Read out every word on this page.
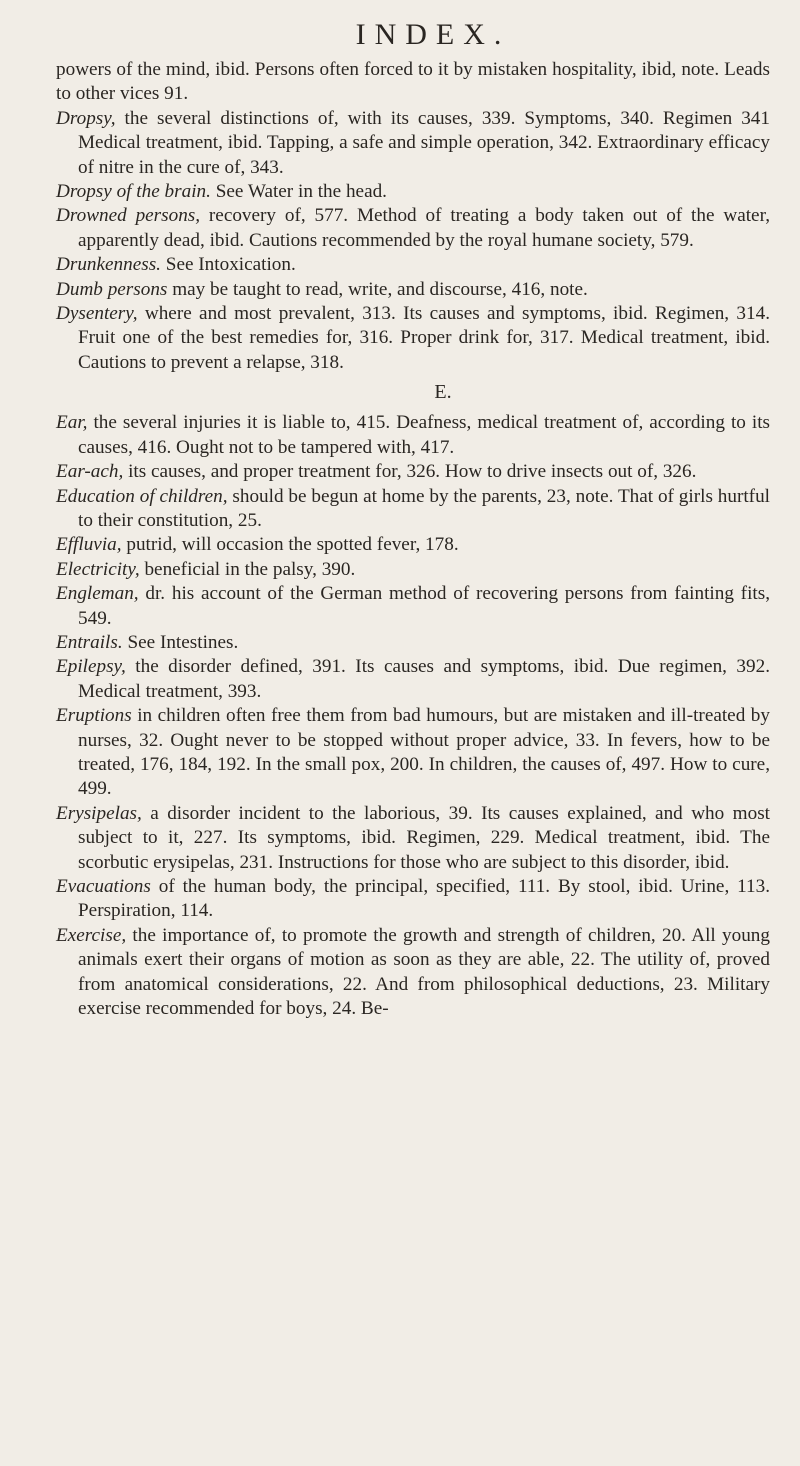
INDEX.

powers of the mind, ibid. Persons often forced to it by mistaken hospitality, ibid, note. Leads to other vices 91.

Dropsy, the several distinctions of, with its causes, 339. Symptoms, 340. Regimen 341 Medical treatment, ibid. Tapping, a safe and simple operation, 342. Extraordinary efficacy of nitre in the cure of, 343.

Dropsy of the brain. See Water in the head.

Drowned persons, recovery of, 577. Method of treating a body taken out of the water, apparently dead, ibid. Cautions recommended by the royal humane society, 579.

Drunkenness. See Intoxication.

Dumb persons may be taught to read, write, and discourse, 416, note.

Dysentery, where and most prevalent, 313. Its causes and symptoms, ibid. Regimen, 314. Fruit one of the best remedies for, 316. Proper drink for, 317. Medical treatment, ibid. Cautions to prevent a relapse, 318.

E.

Ear, the several injuries it is liable to, 415. Deafness, medical treatment of, according to its causes, 416. Ought not to be tampered with, 417.

Ear-ach, its causes, and proper treatment for, 326. How to drive insects out of, 326.

Education of children, should be begun at home by the parents, 23, note. That of girls hurtful to their constitution, 25.

Effluvia, putrid, will occasion the spotted fever, 178.

Electricity, beneficial in the palsy, 390.

Engleman, dr. his account of the German method of recovering persons from fainting fits, 549.

Entrails. See Intestines.

Epilepsy, the disorder defined, 391. Its causes and symptoms, ibid. Due regimen, 392. Medical treatment, 393.

Eruptions in children often free them from bad humours, but are mistaken and ill-treated by nurses, 32. Ought never to be stopped without proper advice, 33. In fevers, how to be treated, 176, 184, 192. In the small pox, 200. In children, the causes of, 497. How to cure, 499.

Erysipelas, a disorder incident to the laborious, 39. Its causes explained, and who most subject to it, 227. Its symptoms, ibid. Regimen, 229. Medical treatment, ibid. The scorbutic erysipelas, 231. Instructions for those who are subject to this disorder, ibid.

Evacuations of the human body, the principal, specified, 111. By stool, ibid. Urine, 113. Perspiration, 114.

Exercise, the importance of, to promote the growth and strength of children, 20. All young animals exert their organs of motion as soon as they are able, 22. The utility of, proved from anatomical considerations, 22. And from philosophical deductions, 23. Military exercise recommended for boys, 24. Be-
